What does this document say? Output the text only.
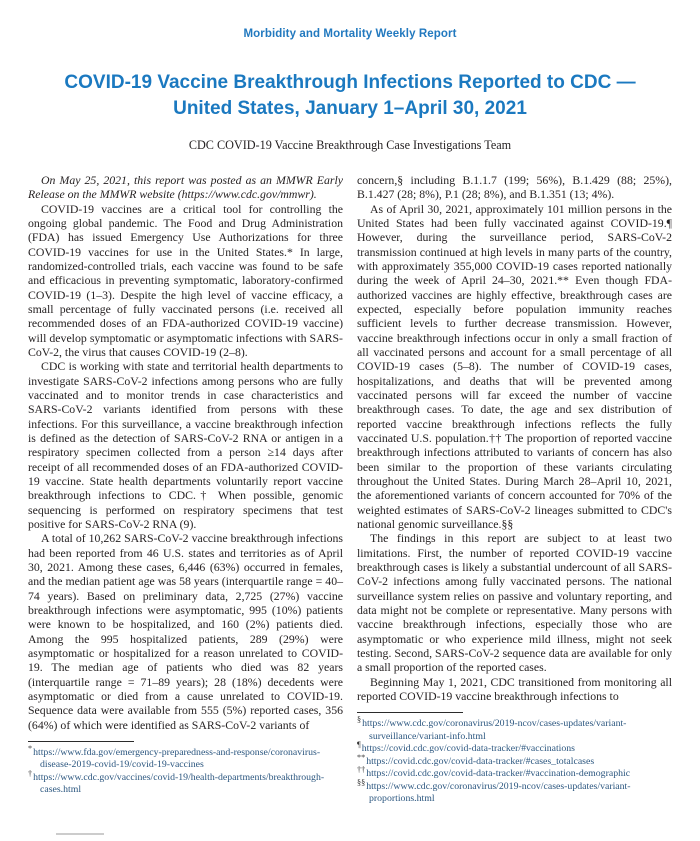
Morbidity and Mortality Weekly Report
COVID-19 Vaccine Breakthrough Infections Reported to CDC —
United States, January 1–April 30, 2021
CDC COVID-19 Vaccine Breakthrough Case Investigations Team

On May 25, 2021, this report was posted as an MMWR Early Release on the MMWR website (https://www.cdc.gov/mmwr).

COVID-19 vaccines are a critical tool for controlling the ongoing global pandemic. The Food and Drug Administration (FDA) has issued Emergency Use Authorizations for three COVID-19 vaccines for use in the United States.* In large, randomized-controlled trials, each vaccine was found to be safe and efficacious in preventing symptomatic, laboratory-confirmed COVID-19 (1–3). Despite the high level of vaccine efficacy, a small percentage of fully vaccinated persons (i.e. received all recommended doses of an FDA-authorized COVID-19 vaccine) will develop symptomatic or asymptomatic infections with SARS-CoV-2, the virus that causes COVID-19 (2–8).

CDC is working with state and territorial health departments to investigate SARS-CoV-2 infections among persons who are fully vaccinated and to monitor trends in case characteristics and SARS-CoV-2 variants identified from persons with these infections. For this surveillance, a vaccine breakthrough infection is defined as the detection of SARS-CoV-2 RNA or antigen in a respiratory specimen collected from a person ≥14 days after receipt of all recommended doses of an FDA-authorized COVID-19 vaccine. State health departments voluntarily report vaccine breakthrough infections to CDC.† When possible, genomic sequencing is performed on respiratory specimens that test positive for SARS-CoV-2 RNA (9).

A total of 10,262 SARS-CoV-2 vaccine breakthrough infections had been reported from 46 U.S. states and territories as of April 30, 2021. Among these cases, 6,446 (63%) occurred in females, and the median patient age was 58 years (interquartile range = 40–74 years). Based on preliminary data, 2,725 (27%) vaccine breakthrough infections were asymptomatic, 995 (10%) patients were known to be hospitalized, and 160 (2%) patients died. Among the 995 hospitalized patients, 289 (29%) were asymptomatic or hospitalized for a reason unrelated to COVID-19. The median age of patients who died was 82 years (interquartile range = 71–89 years); 28 (18%) decedents were asymptomatic or died from a cause unrelated to COVID-19. Sequence data were available from 555 (5%) reported cases, 356 (64%) of which were identified as SARS-CoV-2 variants of

*https://www.fda.gov/emergency-preparedness-and-response/coronavirus-disease-2019-covid-19/covid-19-vaccines
†https://www.cdc.gov/vaccines/covid-19/health-departments/breakthrough-cases.html

concern,§ including B.1.1.7 (199; 56%), B.1.429 (88; 25%), B.1.427 (28; 8%), P.1 (28; 8%), and B.1.351 (13; 4%).

As of April 30, 2021, approximately 101 million persons in the United States had been fully vaccinated against COVID-19.¶ However, during the surveillance period, SARS-CoV-2 transmission continued at high levels in many parts of the country, with approximately 355,000 COVID-19 cases reported nationally during the week of April 24–30, 2021.** Even though FDA-authorized vaccines are highly effective, breakthrough cases are expected, especially before population immunity reaches sufficient levels to further decrease transmission. However, vaccine breakthrough infections occur in only a small fraction of all vaccinated persons and account for a small percentage of all COVID-19 cases (5–8). The number of COVID-19 cases, hospitalizations, and deaths that will be prevented among vaccinated persons will far exceed the number of vaccine breakthrough cases. To date, the age and sex distribution of reported vaccine breakthrough infections reflects the fully vaccinated U.S. population.†† The proportion of reported vaccine breakthrough infections attributed to variants of concern has also been similar to the proportion of these variants circulating throughout the United States. During March 28–April 10, 2021, the aforementioned variants of concern accounted for 70% of the weighted estimates of SARS-CoV-2 lineages submitted to CDC's national genomic surveillance.§§

The findings in this report are subject to at least two limitations. First, the number of reported COVID-19 vaccine breakthrough cases is likely a substantial undercount of all SARS-CoV-2 infections among fully vaccinated persons. The national surveillance system relies on passive and voluntary reporting, and data might not be complete or representative. Many persons with vaccine breakthrough infections, especially those who are asymptomatic or who experience mild illness, might not seek testing. Second, SARS-CoV-2 sequence data are available for only a small proportion of the reported cases.

Beginning May 1, 2021, CDC transitioned from monitoring all reported COVID-19 vaccine breakthrough infections to

§https://www.cdc.gov/coronavirus/2019-ncov/cases-updates/variant-surveillance/variant-info.html
¶https://covid.cdc.gov/covid-data-tracker/#vaccinations
**https://covid.cdc.gov/covid-data-tracker/#cases_totalcases
††https://covid.cdc.gov/covid-data-tracker/#vaccination-demographic
§§https://www.cdc.gov/coronavirus/2019-ncov/cases-updates/variant-proportions.html
